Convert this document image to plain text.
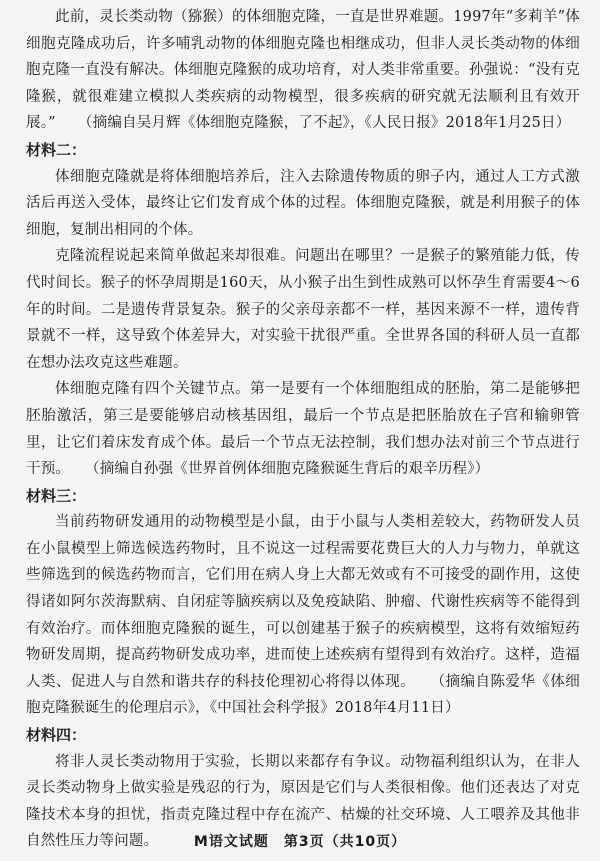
此前，灵长类动物（猕猴）的体细胞克隆，一直是世界难题。1997年“多莉羊”体细胞克隆成功后，许多哺乳动物的体细胞克隆也相继成功，但非人灵长类动物的体细胞克隆一直没有解决。体细胞克隆猴的成功培育，对人类非常重要。孙强说：“没有克隆猴，就很难建立模拟人类疾病的动物模型，很多疾病的研究就无法顺利且有效开展。”　　 （摘编自吴月辉《体细胞克隆猴，了不起》，《人民日报》2018年1月25日）

材料二：

体细胞克隆就是将体细胞培养后，注入去除遗传物质的卵子内，通过人工方式激活后再送入受体，最终让它们发育成个体的过程。体细胞克隆猴，就是利用猴子的体细胞，复制出相同的个体。

克隆流程说起来简单做起来却很难。问题出在哪里？一是猴子的繁殖能力低，传代时间长。猴子的怀孕周期是160天，从小猴子出生到性成熟可以怀孕生育需要4～6年的时间。二是遗传背景复杂。猴子的父亲母亲都不一样，基因来源不一样，遗传背景就不一样，这导致个体差异大，对实验干扰很严重。全世界各国的科研人员一直都在想办法攻克这些难题。

体细胞克隆有四个关键节点。第一是要有一个体细胞组成的胚胎，第二是能够把胚胎激活，第三是要能够启动核基因组，最后一个节点是把胚胎放在子宫和输卵管里，让它们着床发育成个体。最后一个节点无法控制，我们想办法对前三个节点进行干预。　　 （摘编自孙强《世界首例体细胞克隆猴诞生背后的艰辛历程》）

材料三：

当前药物研发通用的动物模型是小鼠，由于小鼠与人类相差较大，药物研发人员在小鼠模型上筛选候选药物时，且不说这一过程需要花费巨大的人力与物力，单就这些筛选到的候选药物而言，它们用在病人身上大都无效或有不可接受的副作用，这使得诸如阿尔茨海默病、自闭症等脑疾病以及免疫缺陷、肿瘤、代谢性疾病等不能得到有效治疗。而体细胞克隆猴的诞生，可以创建基于猴子的疾病模型，这将有效缩短药物研发周期，提高药物研发成功率，进而使上述疾病有望得到有效治疗。这样，造福人类、促进人与自然和谐共存的科技伦理初心将得以体现。　　 （摘编自陈爱华《体细胞克隆猴诞生的伦理启示》，《中国社会科学报》2018年4月11日）

材料四：

将非人灵长类动物用于实验，长期以来都存有争议。动物福利组织认为，在非人灵长类动物身上做实验是残忍的行为，原因是它们与人类很相像。他们还表达了对克隆技术本身的担忧，指责克隆过程中存在流产、枯燥的社交环境、人工喂养及其他非自然性压力等问题。	M语文试题　第3页（共10页）
